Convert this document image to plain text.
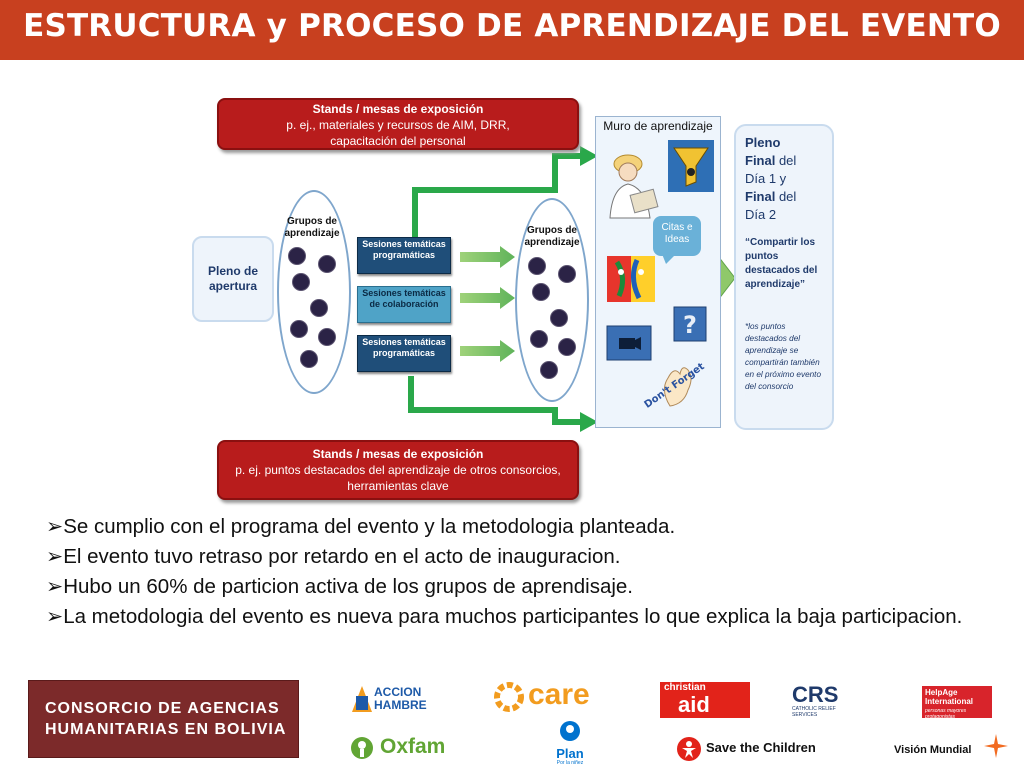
ESTRUCTURA y PROCESO DE APRENDIZAJE DEL EVENTO
Stands / mesas de exposición
p. ej., materiales y recursos de AIM, DRR,
capacitación del personal
Stands / mesas de exposición
p. ej. puntos destacados del aprendizaje de otros consorcios,
herramientas clave
Pleno de apertura
Grupos de aprendizaje
Sesiones temáticas programáticas
Sesiones temáticas de colaboración
Sesiones temáticas programáticas
Grupos de aprendizaje
Muro de aprendizaje
Citas e Ideas
?
Don't Forget
Pleno
Final del
Día 1 y
Final del
Día 2
“Compartir los puntos destacados del aprendizaje”
*los puntos destacados del aprendizaje se compartirán también en el próximo evento del consorcio
➢Se cumplio con el programa del evento y la metodologia planteada.
➢El evento tuvo retraso por retardo en el acto de inauguracion.
➢Hubo un 60% de particion activa de los grupos de aprendisaje.
➢La metodologia del evento es nueva para muchos participantes lo que explica la baja participacion.
CONSORCIO DE AGENCIAS
HUMANITARIAS EN BOLIVIA
ACCION HAMBRE	care	christian
aid	CRS
CATHOLIC RELIEF SERVICES
HelpAge International
personas mayores protagonistas
Oxfam	Plan
Por la niñez
Save the Children	Visión Mundial
